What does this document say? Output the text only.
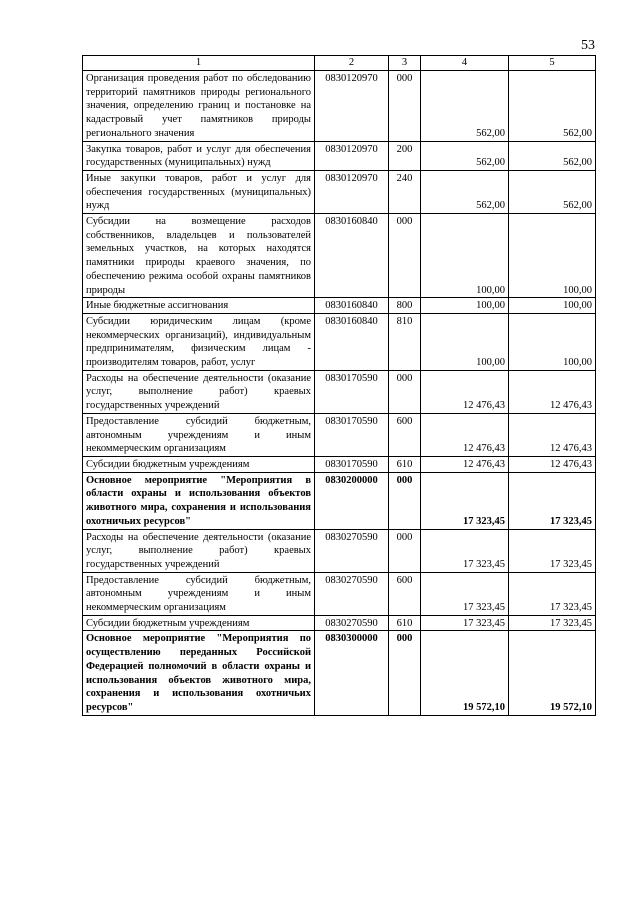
53
1	2	3	4	5
Организация проведения работ по обследованию территорий памятников природы регионального значения, определению границ и постановке на кадастровый учет памятников природы регионального значения	0830120970	000	562,00	562,00
Закупка товаров, работ и услуг для обеспечения государственных (муниципальных) нужд	0830120970	200	562,00	562,00
Иные закупки товаров, работ и услуг для обеспечения государственных (муниципальных) нужд	0830120970	240	562,00	562,00
Субсидии на возмещение расходов собственников, владельцев и пользователей земельных участков, на которых находятся памятники природы краевого значения, по обеспечению режима особой охраны памятников природы	0830160840	000	100,00	100,00
Иные бюджетные ассигнования	0830160840	800	100,00	100,00
Субсидии юридическим лицам (кроме некоммерческих организаций), индивидуальным предпринимателям, физическим лицам - производителям товаров, работ, услуг	0830160840	810	100,00	100,00
Расходы на обеспечение деятельности (оказание услуг, выполнение работ) краевых государственных учреждений	0830170590	000	12 476,43	12 476,43
Предоставление субсидий бюджетным, автономным учреждениям и иным некоммерческим организациям	0830170590	600	12 476,43	12 476,43
Субсидии бюджетным учреждениям	0830170590	610	12 476,43	12 476,43
Основное мероприятие "Мероприятия в области охраны и использования объектов животного мира, сохранения и использования охотничьих ресурсов"	0830200000	000	17 323,45	17 323,45
Расходы на обеспечение деятельности (оказание услуг, выполнение работ) краевых государственных учреждений	0830270590	000	17 323,45	17 323,45
Предоставление субсидий бюджетным, автономным учреждениям и иным некоммерческим организациям	0830270590	600	17 323,45	17 323,45
Субсидии бюджетным учреждениям	0830270590	610	17 323,45	17 323,45
Основное мероприятие "Мероприятия по осуществлению переданных Российской Федерацией полномочий в области охраны и использования объектов животного мира, сохранения и использования охотничьих ресурсов"	0830300000	000	19 572,10	19 572,10
